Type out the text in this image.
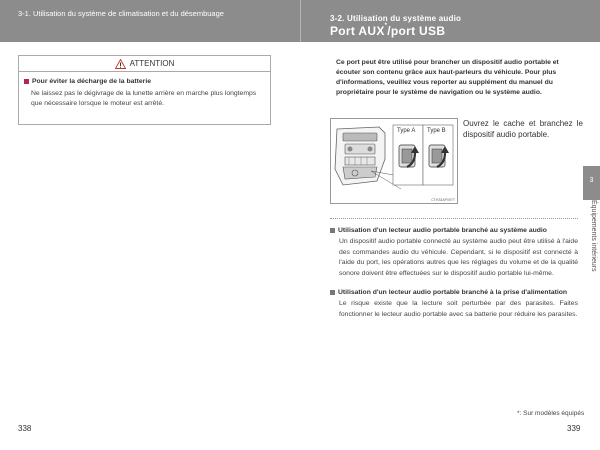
3-1. Utilisation du système de climatisation et du désembuage
3-2. Utilisation du système audio
Port AUX*/port USB
ATTENTION
Pour éviter la décharge de la batterie
Ne laissez pas le dégivrage de la lunette arrière en marche plus longtemps que nécessaire lorsque le moteur est arrêté.
Ce port peut être utilisé pour brancher un dispositif audio portable et écouter son contenu grâce aux haut-parleurs du véhicule. Pour plus d'informations, veuillez vous reporter au supplément du manuel du propriétaire pour le système de navigation ou le système audio.
Type A Type B
CTH33AP097T
Ouvrez le cache et branchez le dispositif audio portable.
3
Équipements intérieurs
Utilisation d'un lecteur audio portable branché au système audio
Un dispositif audio portable connecté au système audio peut être utilisé à l'aide des commandes audio du véhicule. Cependant, si le dispositif est connecté à l'aide du port, les opérations autres que les réglages du volume et de la qualité sonore doivent être effectuées sur le dispositif audio portable lui-même.
Utilisation d'un lecteur audio portable branché à la prise d'alimentation
Le risque existe que la lecture soit perturbée par des parasites. Faites fonctionner le lecteur audio portable avec sa batterie pour réduire les parasites.
*: Sur modèles équipés
338	339
